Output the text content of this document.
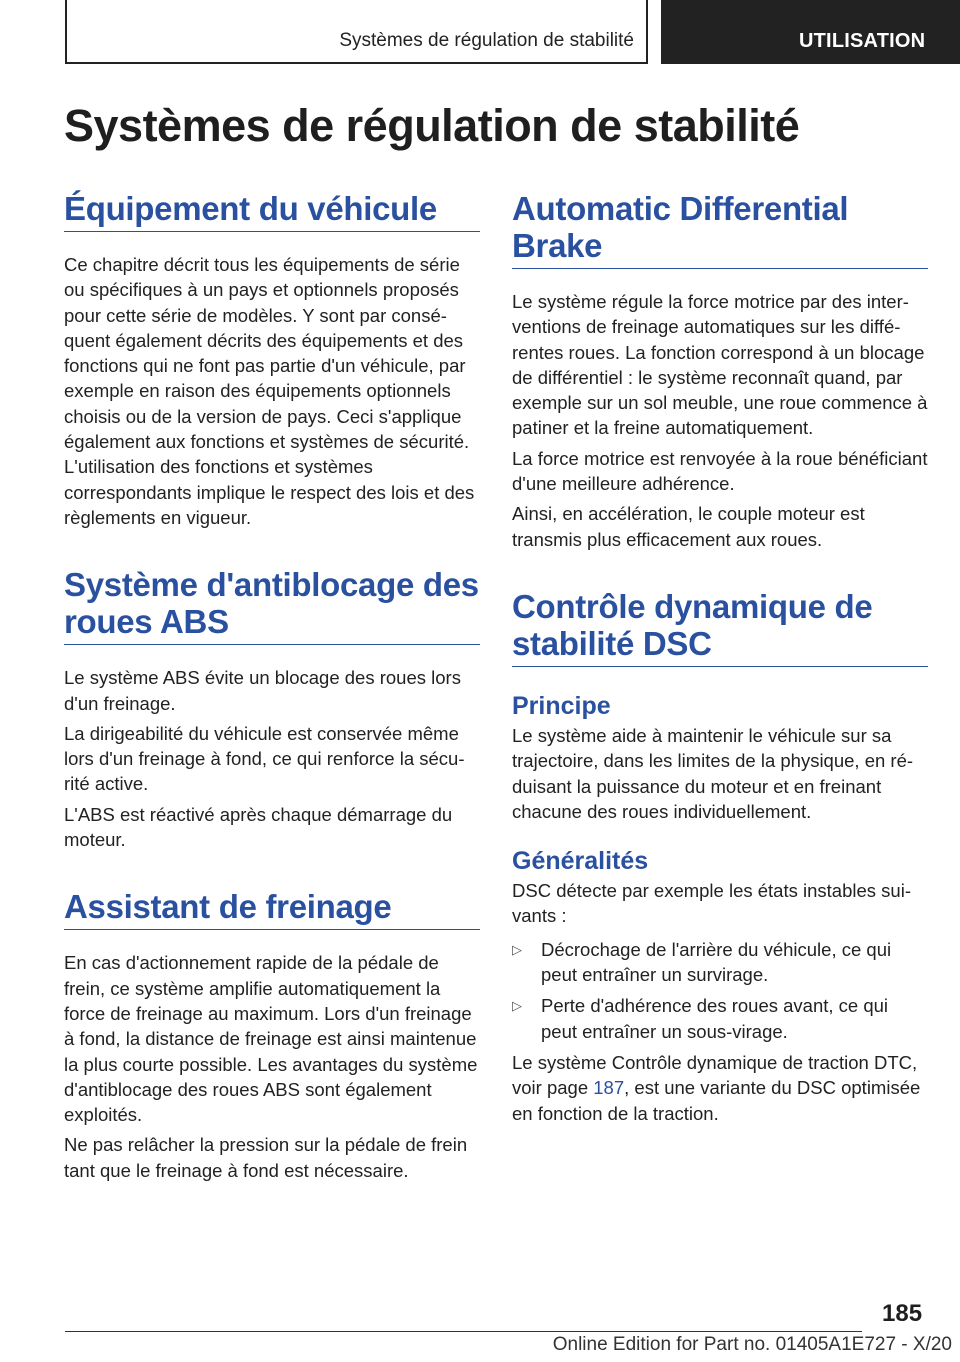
Systèmes de régulation de stabilité	UTILISATION
Systèmes de régulation de stabilité
Équipement du véhicule

Ce chapitre décrit tous les équipements de série ou spécifiques à un pays et optionnels proposés pour cette série de modèles. Y sont par conséquent également décrits des équipements et des fonctions qui ne font pas partie d'un véhicule, par exemple en raison des équipements optionnels choisis ou de la version de pays. Ceci s'applique également aux fonctions et systèmes de sécurité. L'utilisation des fonctions et systèmes correspondants implique le respect des lois et des règlements en vigueur.

Système d'antiblocage des roues ABS

Le système ABS évite un blocage des roues lors d'un freinage.

La dirigeabilité du véhicule est conservée même lors d'un freinage à fond, ce qui renforce la sécurité active.

L'ABS est réactivé après chaque démarrage du moteur.

Assistant de freinage

En cas d'actionnement rapide de la pédale de frein, ce système amplifie automatiquement la force de freinage au maximum. Lors d'un freinage à fond, la distance de freinage est ainsi maintenue la plus courte possible. Les avantages du système d'antiblocage des roues ABS sont également exploités.

Ne pas relâcher la pression sur la pédale de frein tant que le freinage à fond est nécessaire.

Automatic Differential Brake

Le système régule la force motrice par des interventions de freinage automatiques sur les différentes roues. La fonction correspond à un blocage de différentiel : le système reconnaît quand, par exemple sur un sol meuble, une roue commence à patiner et la freine automatiquement.

La force motrice est renvoyée à la roue bénéficiant d'une meilleure adhérence.

Ainsi, en accélération, le couple moteur est transmis plus efficacement aux roues.

Contrôle dynamique de stabilité DSC
Principe

Le système aide à maintenir le véhicule sur sa trajectoire, dans les limites de la physique, en réduisant la puissance du moteur et en freinant chacune des roues individuellement.

Généralités

DSC détecte par exemple les états instables suivants :

▷ Décrochage de l'arrière du véhicule, ce qui peut entraîner un survirage.
▷ Perte d'adhérence des roues avant, ce qui peut entraîner un sous-virage.

Le système Contrôle dynamique de traction DTC, voir page 187, est une variante du DSC optimisée en fonction de la traction.

185
Online Edition for Part no. 01405A1E727 - X/20
